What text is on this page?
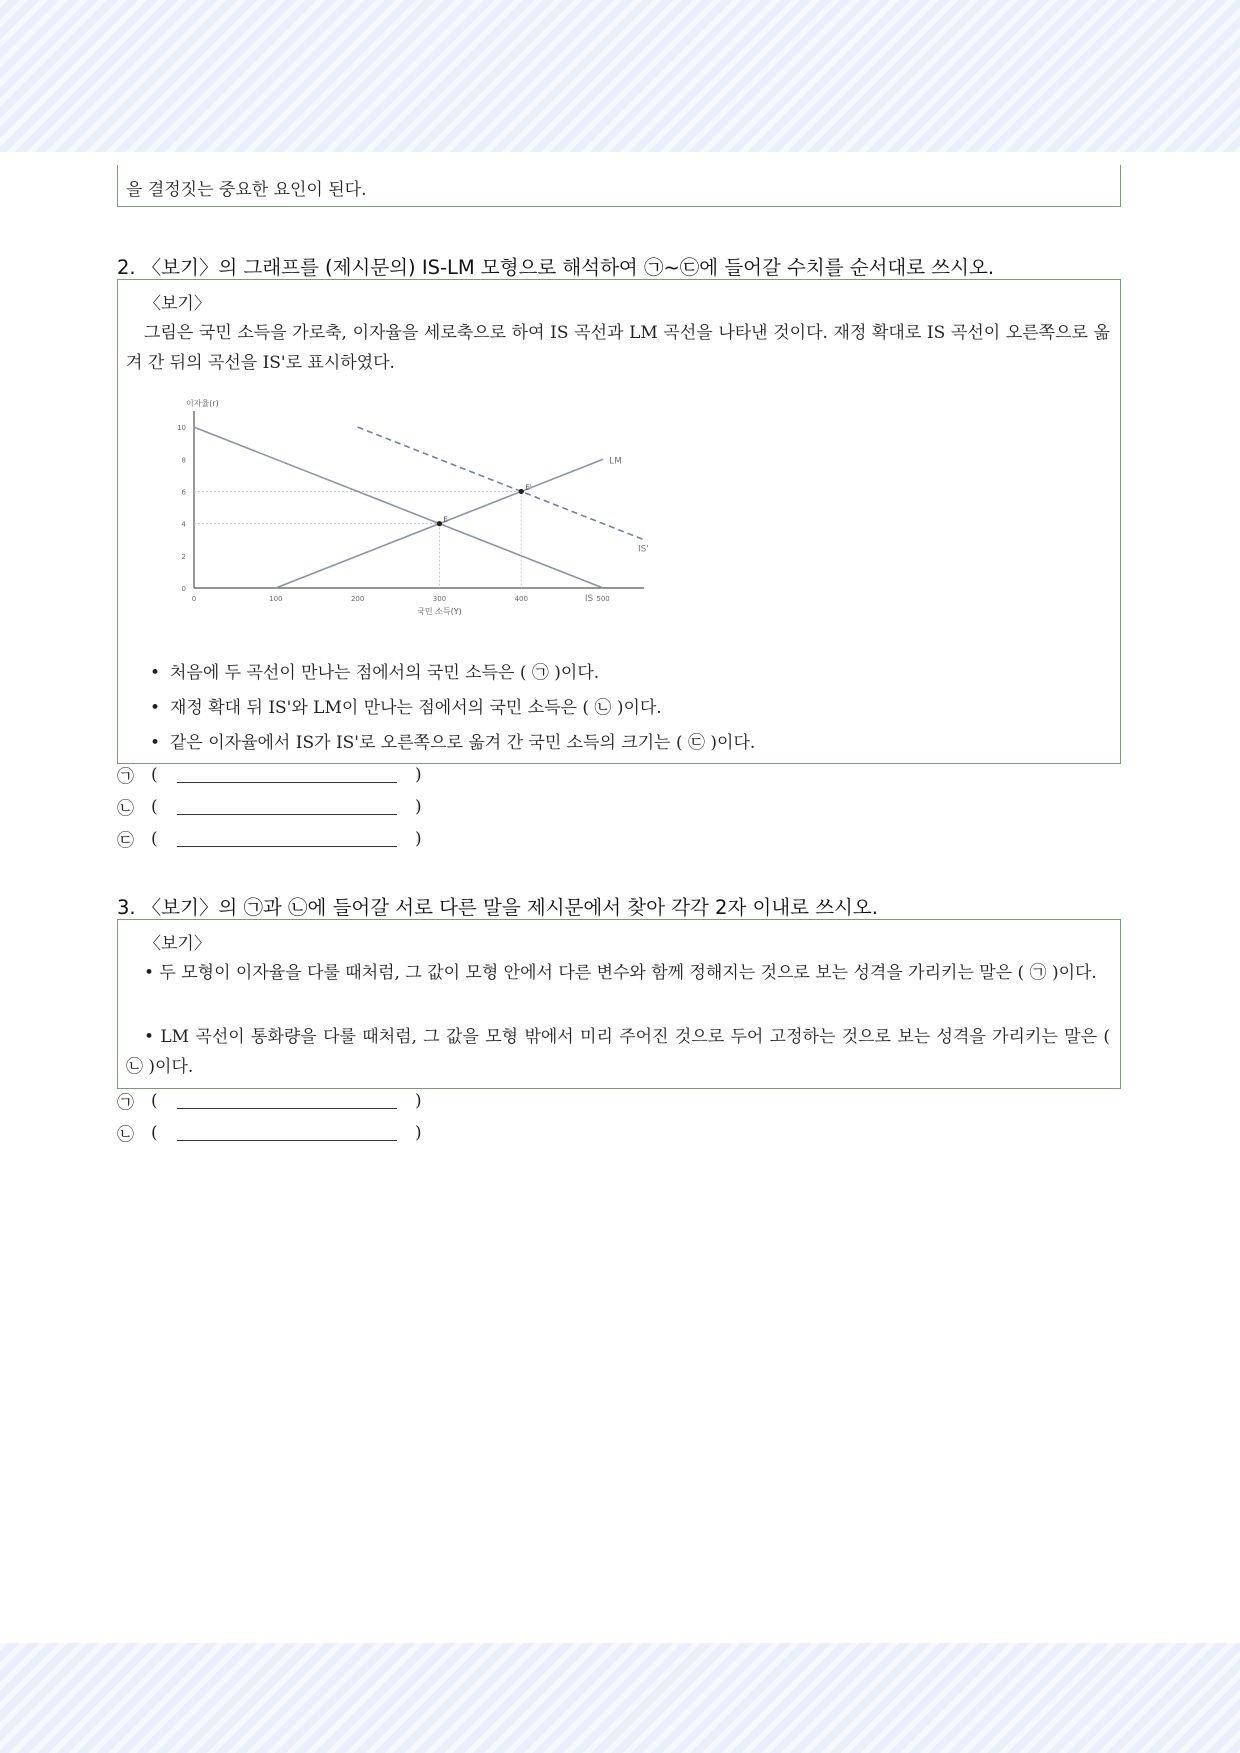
을 결정짓는 중요한 요인이 된다.
2. 〈보기〉의 그래프를 (제시문의) IS-LM 모형으로 해석하여 ㉠~㉢에 들어갈 수치를 순서대로 쓰시오.
〈보기〉
그림은 국민 소득을 가로축, 이자율을 세로축으로 하여 IS 곡선과 LM 곡선을 나타낸 것이다. 재정 확대로 IS 곡선이 오른쪽으로 옮겨 간 뒤의 곡선을 IS'로 표시하였다.
0	100	200	300	400	500
0
2
4
6
8
10
이자율(r)
국민 소득(Y)
IS
LM
IS'
E
E'
• 처음에 두 곡선이 만나는 점에서의 국민 소득은 ( ㉠ )이다.
• 재정 확대 뒤 IS'와 LM이 만나는 점에서의 국민 소득은 ( ㉡ )이다.
• 같은 이자율에서 IS가 IS'로 오른쪽으로 옮겨 간 국민 소득의 크기는 ( ㉢ )이다.
㉠	(	)
㉡	(	)
㉢	(	)
3. 〈보기〉의 ㉠과 ㉡에 들어갈 서로 다른 말을 제시문에서 찾아 각각 2자 이내로 쓰시오.
〈보기〉
• 두 모형이 이자율을 다룰 때처럼, 그 값이 모형 안에서 다른 변수와 함께 정해지는 것으로 보는 성격을 가리키는 말은 ( ㉠ )이다.
• LM 곡선이 통화량을 다룰 때처럼, 그 값을 모형 밖에서 미리 주어진 것으로 두어 고정하는 것으로 보는 성격을 가리키는 말은 ( ㉡ )이다.
㉠	(	)
㉡	(	)
